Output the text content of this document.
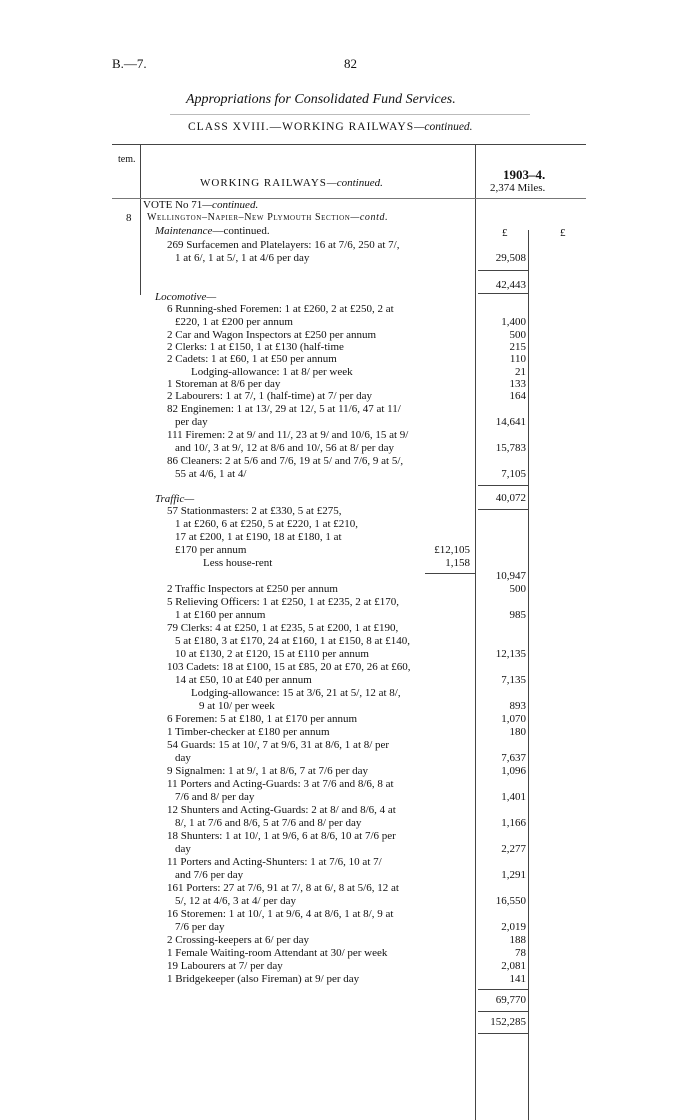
B.—7.	82
Appropriations for Consolidated Fund Services.
CLASS XVIII.—WORKING RAILWAYS—continued.
tem.
WORKING RAILWAYS—continued.
1903–4.
2,374 Miles.
VOTE No 71—continued.
8 Wellington–Napier–New Plymouth Section—contd.
Maintenance—continued.	£	£
269 Surfacemen and Platelayers: 16 at 7/6, 250 at 7/,
1 at 6/, 1 at 5/, 1 at 4/6 per day	29,508
42,443
Locomotive—
6 Running-shed Foremen: 1 at £260, 2 at £250, 2 at
£220, 1 at £200 per annum	1,400
2 Car and Wagon Inspectors at £250 per annum	500
2 Clerks: 1 at £150, 1 at £130 (half-time	215
2 Cadets: 1 at £60, 1 at £50 per annum	110
Lodging-allowance: 1 at 8/ per week	21
1 Storeman at 8/6 per day	133
2 Labourers: 1 at 7/, 1 (half-time) at 7/ per day	164
82 Enginemen: 1 at 13/, 29 at 12/, 5 at 11/6, 47 at 11/
per day	14,641
111 Firemen: 2 at 9/ and 11/, 23 at 9/ and 10/6, 15 at 9/
and 10/, 3 at 9/, 12 at 8/6 and 10/, 56 at 8/ per day	15,783
86 Cleaners: 2 at 5/6 and 7/6, 19 at 5/ and 7/6, 9 at 5/,
55 at 4/6, 1 at 4/	7,105
40,072
Traffic—
57 Stationmasters: 2 at £330, 5 at £275,
1 at £260, 6 at £250, 5 at £220, 1 at £210,
17 at £200, 1 at £190, 18 at £180, 1 at
£170 per annum	£12,105
Less house-rent	1,158
10,947
2 Traffic Inspectors at £250 per annum	500
5 Relieving Officers: 1 at £250, 1 at £235, 2 at £170,
1 at £160 per annum	985
79 Clerks: 4 at £250, 1 at £235, 5 at £200, 1 at £190,
5 at £180, 3 at £170, 24 at £160, 1 at £150, 8 at £140,
10 at £130, 2 at £120, 15 at £110 per annum	12,135
103 Cadets: 18 at £100, 15 at £85, 20 at £70, 26 at £60,
14 at £50, 10 at £40 per annum	7,135
Lodging-allowance: 15 at 3/6, 21 at 5/, 12 at 8/,
9 at 10/ per week	893
6 Foremen: 5 at £180, 1 at £170 per annum	1,070
1 Timber-checker at £180 per annum	180
54 Guards: 15 at 10/, 7 at 9/6, 31 at 8/6, 1 at 8/ per
day	7,637
9 Signalmen: 1 at 9/, 1 at 8/6, 7 at 7/6 per day	1,096
11 Porters and Acting-Guards: 3 at 7/6 and 8/6, 8 at
7/6 and 8/ per day	1,401
12 Shunters and Acting-Guards: 2 at 8/ and 8/6, 4 at
8/, 1 at 7/6 and 8/6, 5 at 7/6 and 8/ per day	1,166
18 Shunters: 1 at 10/, 1 at 9/6, 6 at 8/6, 10 at 7/6 per
day	2,277
11 Porters and Acting-Shunters: 1 at 7/6, 10 at 7/
and 7/6 per day	1,291
161 Porters: 27 at 7/6, 91 at 7/, 8 at 6/, 8 at 5/6, 12 at
5/, 12 at 4/6, 3 at 4/ per day	16,550
16 Storemen: 1 at 10/, 1 at 9/6, 4 at 8/6, 1 at 8/, 9 at
7/6 per day	2,019
2 Crossing-keepers at 6/ per day	188
1 Female Waiting-room Attendant at 30/ per week	78
19 Labourers at 7/ per day	2,081
1 Bridgekeeper (also Fireman) at 9/ per day	141
69,770
152,285
